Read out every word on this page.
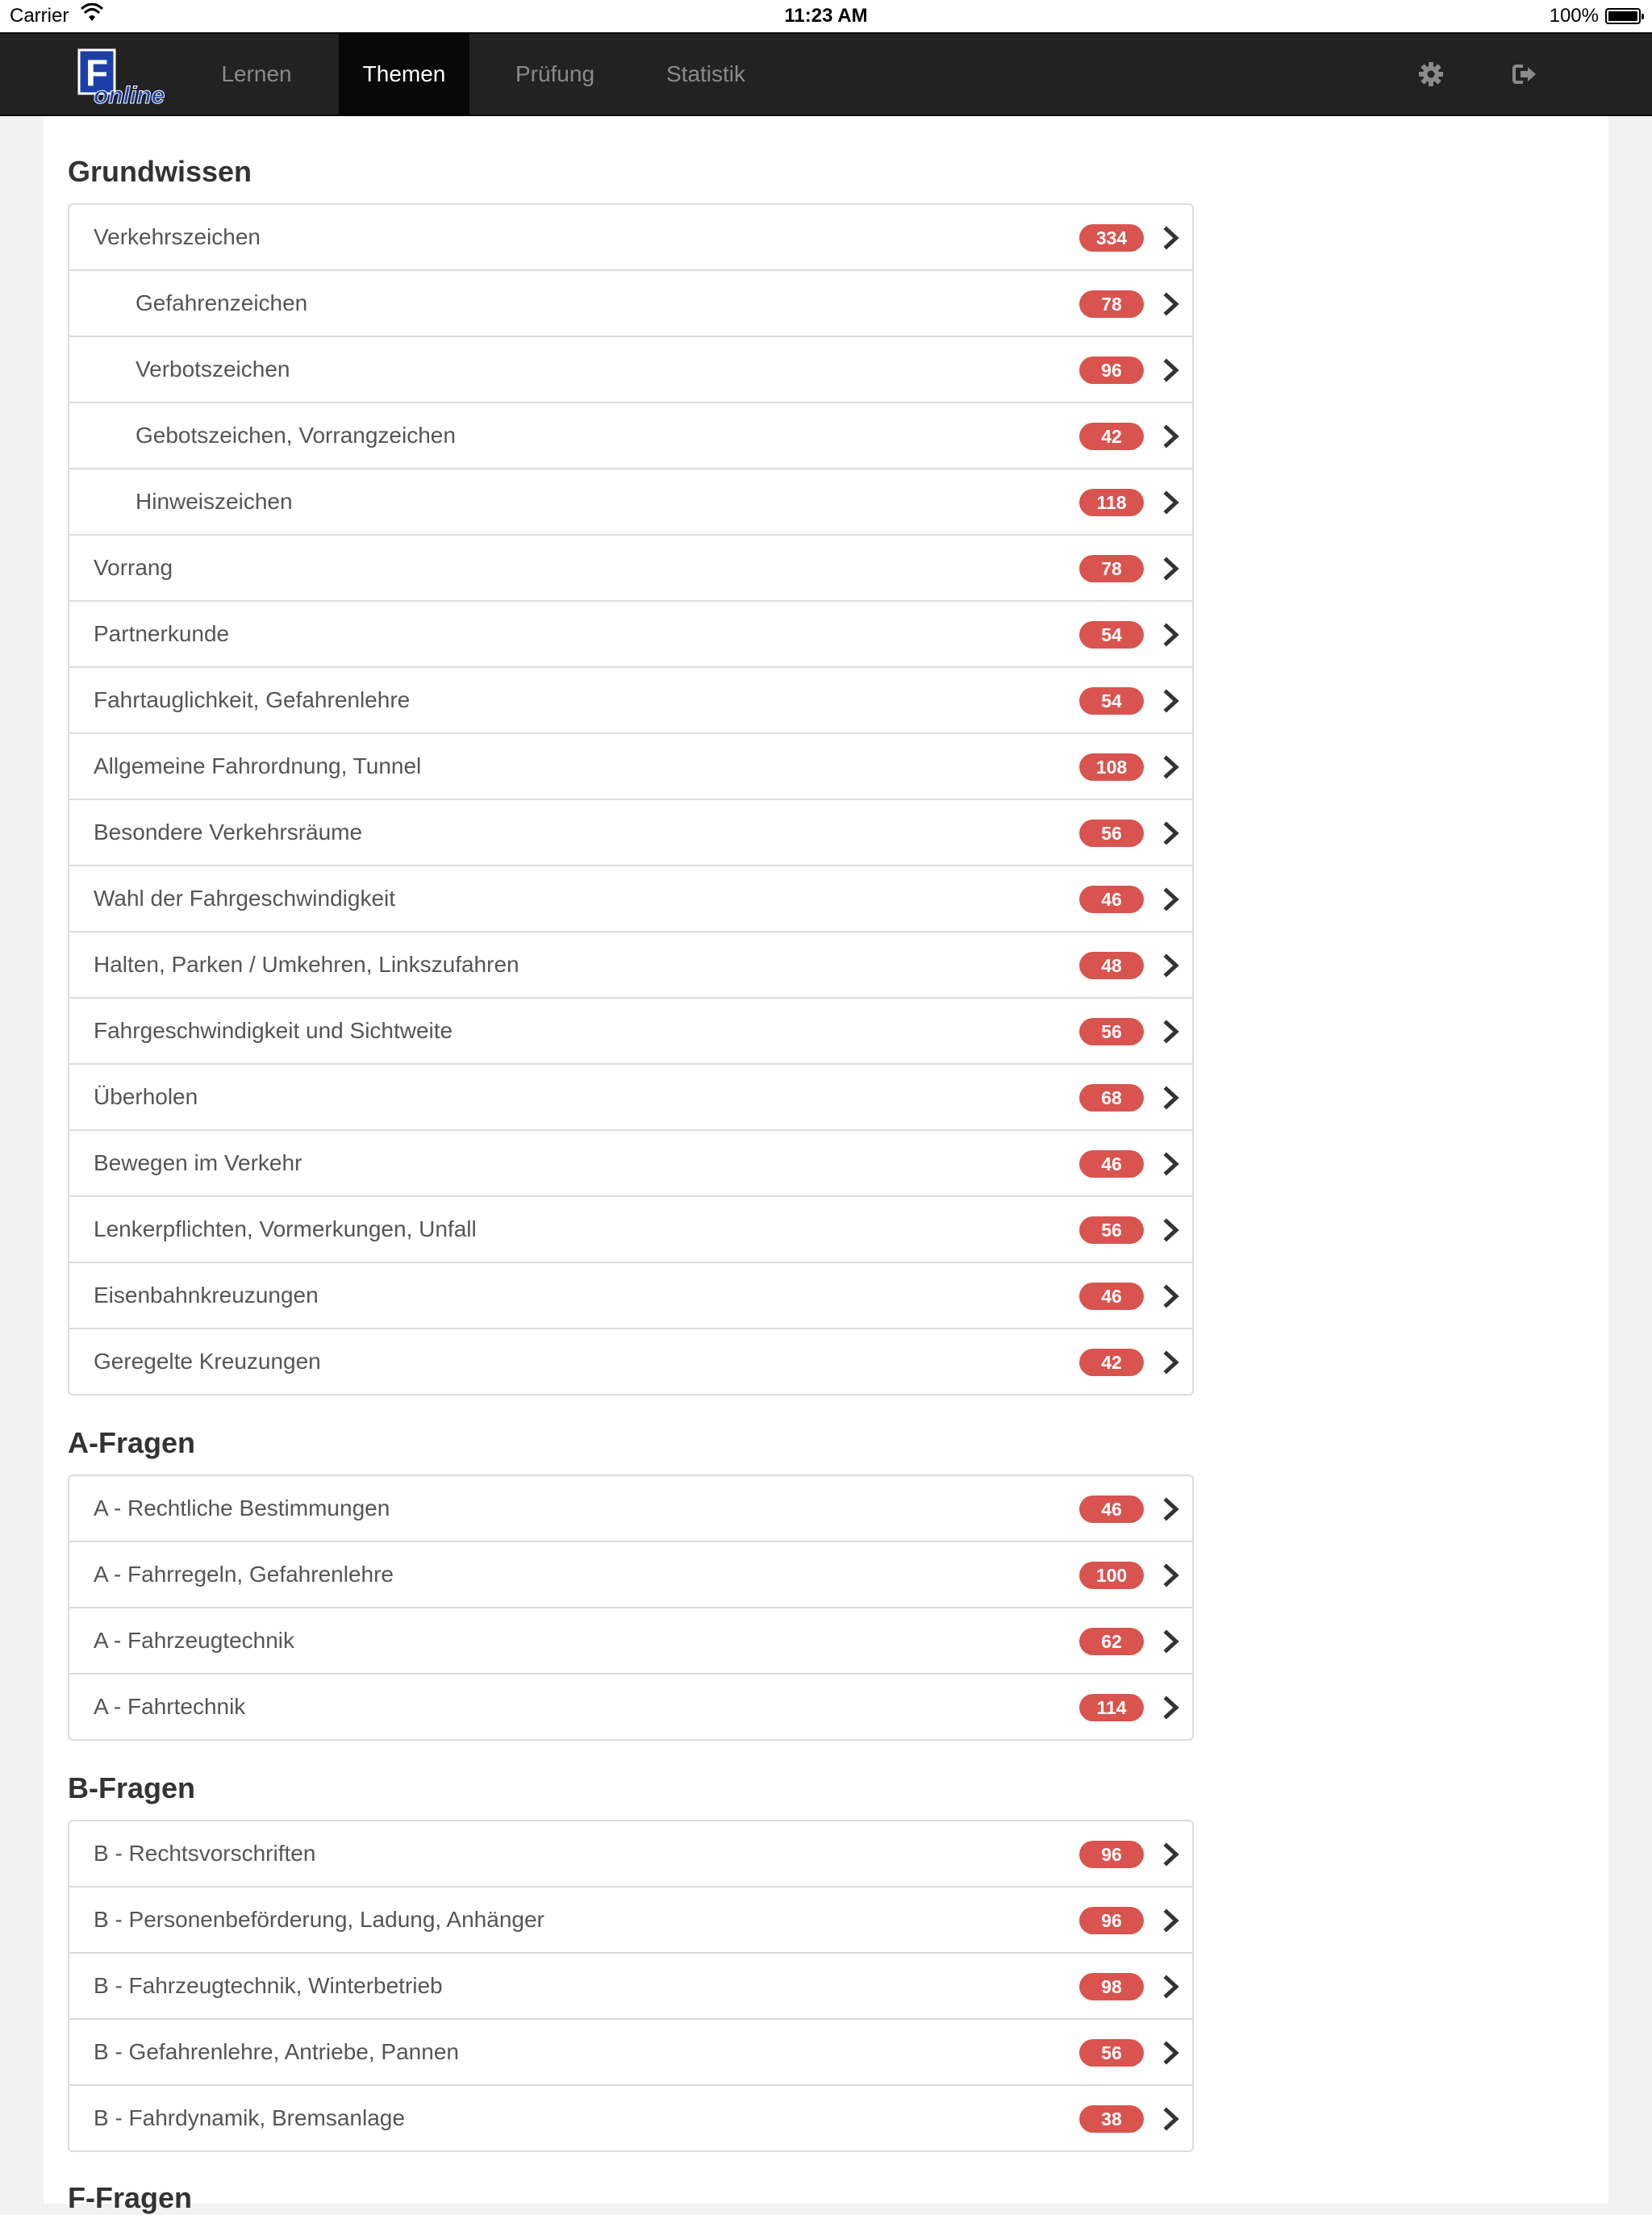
Carrier	11:23 AM	100%
F
online
Lernen	Themen	Prüfung	Statistik
Grundwissen
Verkehrszeichen	334
Gefahrenzeichen	78
Verbotszeichen	96
Gebotszeichen, Vorrangzeichen	42
Hinweiszeichen	118
Vorrang	78
Partnerkunde	54
Fahrtauglichkeit, Gefahrenlehre	54
Allgemeine Fahrordnung, Tunnel	108
Besondere Verkehrsräume	56
Wahl der Fahrgeschwindigkeit	46
Halten, Parken / Umkehren, Linkszufahren	48
Fahrgeschwindigkeit und Sichtweite	56
Überholen	68
Bewegen im Verkehr	46
Lenkerpflichten, Vormerkungen, Unfall	56
Eisenbahnkreuzungen	46
Geregelte Kreuzungen	42
A-Fragen
A - Rechtliche Bestimmungen	46
A - Fahrregeln, Gefahrenlehre	100
A - Fahrzeugtechnik	62
A - Fahrtechnik	114
B-Fragen
B - Rechtsvorschriften	96
B - Personenbeförderung, Ladung, Anhänger	96
B - Fahrzeugtechnik, Winterbetrieb	98
B - Gefahrenlehre, Antriebe, Pannen	56
B - Fahrdynamik, Bremsanlage	38
F-Fragen
